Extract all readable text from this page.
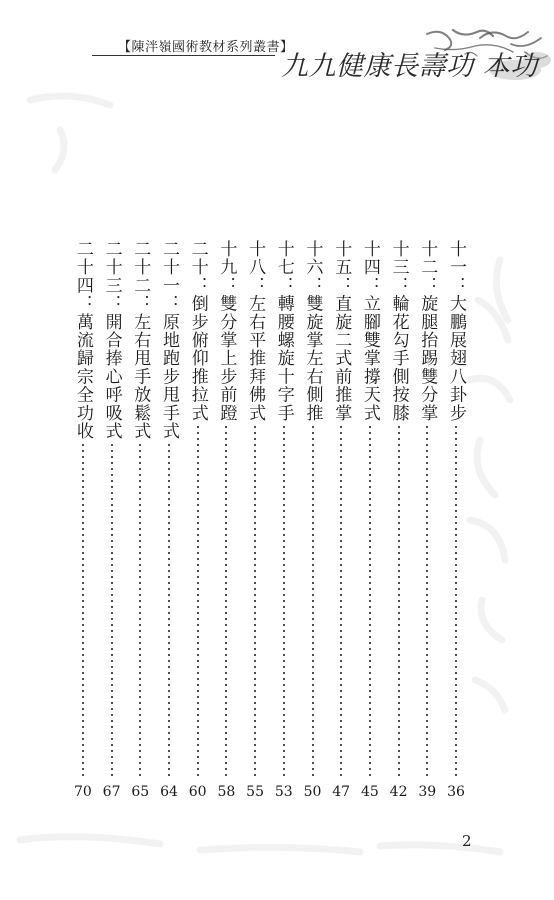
【陳泮嶺國術教材系列叢書】
九九健康長壽功 本功
十一：大鵬展翅八卦步
36
十二：旋腿抬踢雙分掌
39
十三：輪花勾手側按膝
42
十四：立腳雙掌撐天式
45
十五：直旋二式前推掌
47
十六：雙旋掌左右側推
50
十七：轉腰螺旋十字手
53
十八：左右平推拜佛式
55
十九：雙分掌上步前蹬
58
二十：倒步俯仰推拉式
60
二十一：原地跑步甩手式
64
二十二：左右甩手放鬆式
65
二十三：開合捧心呼吸式
67
二十四：萬流歸宗全功收
70
2
